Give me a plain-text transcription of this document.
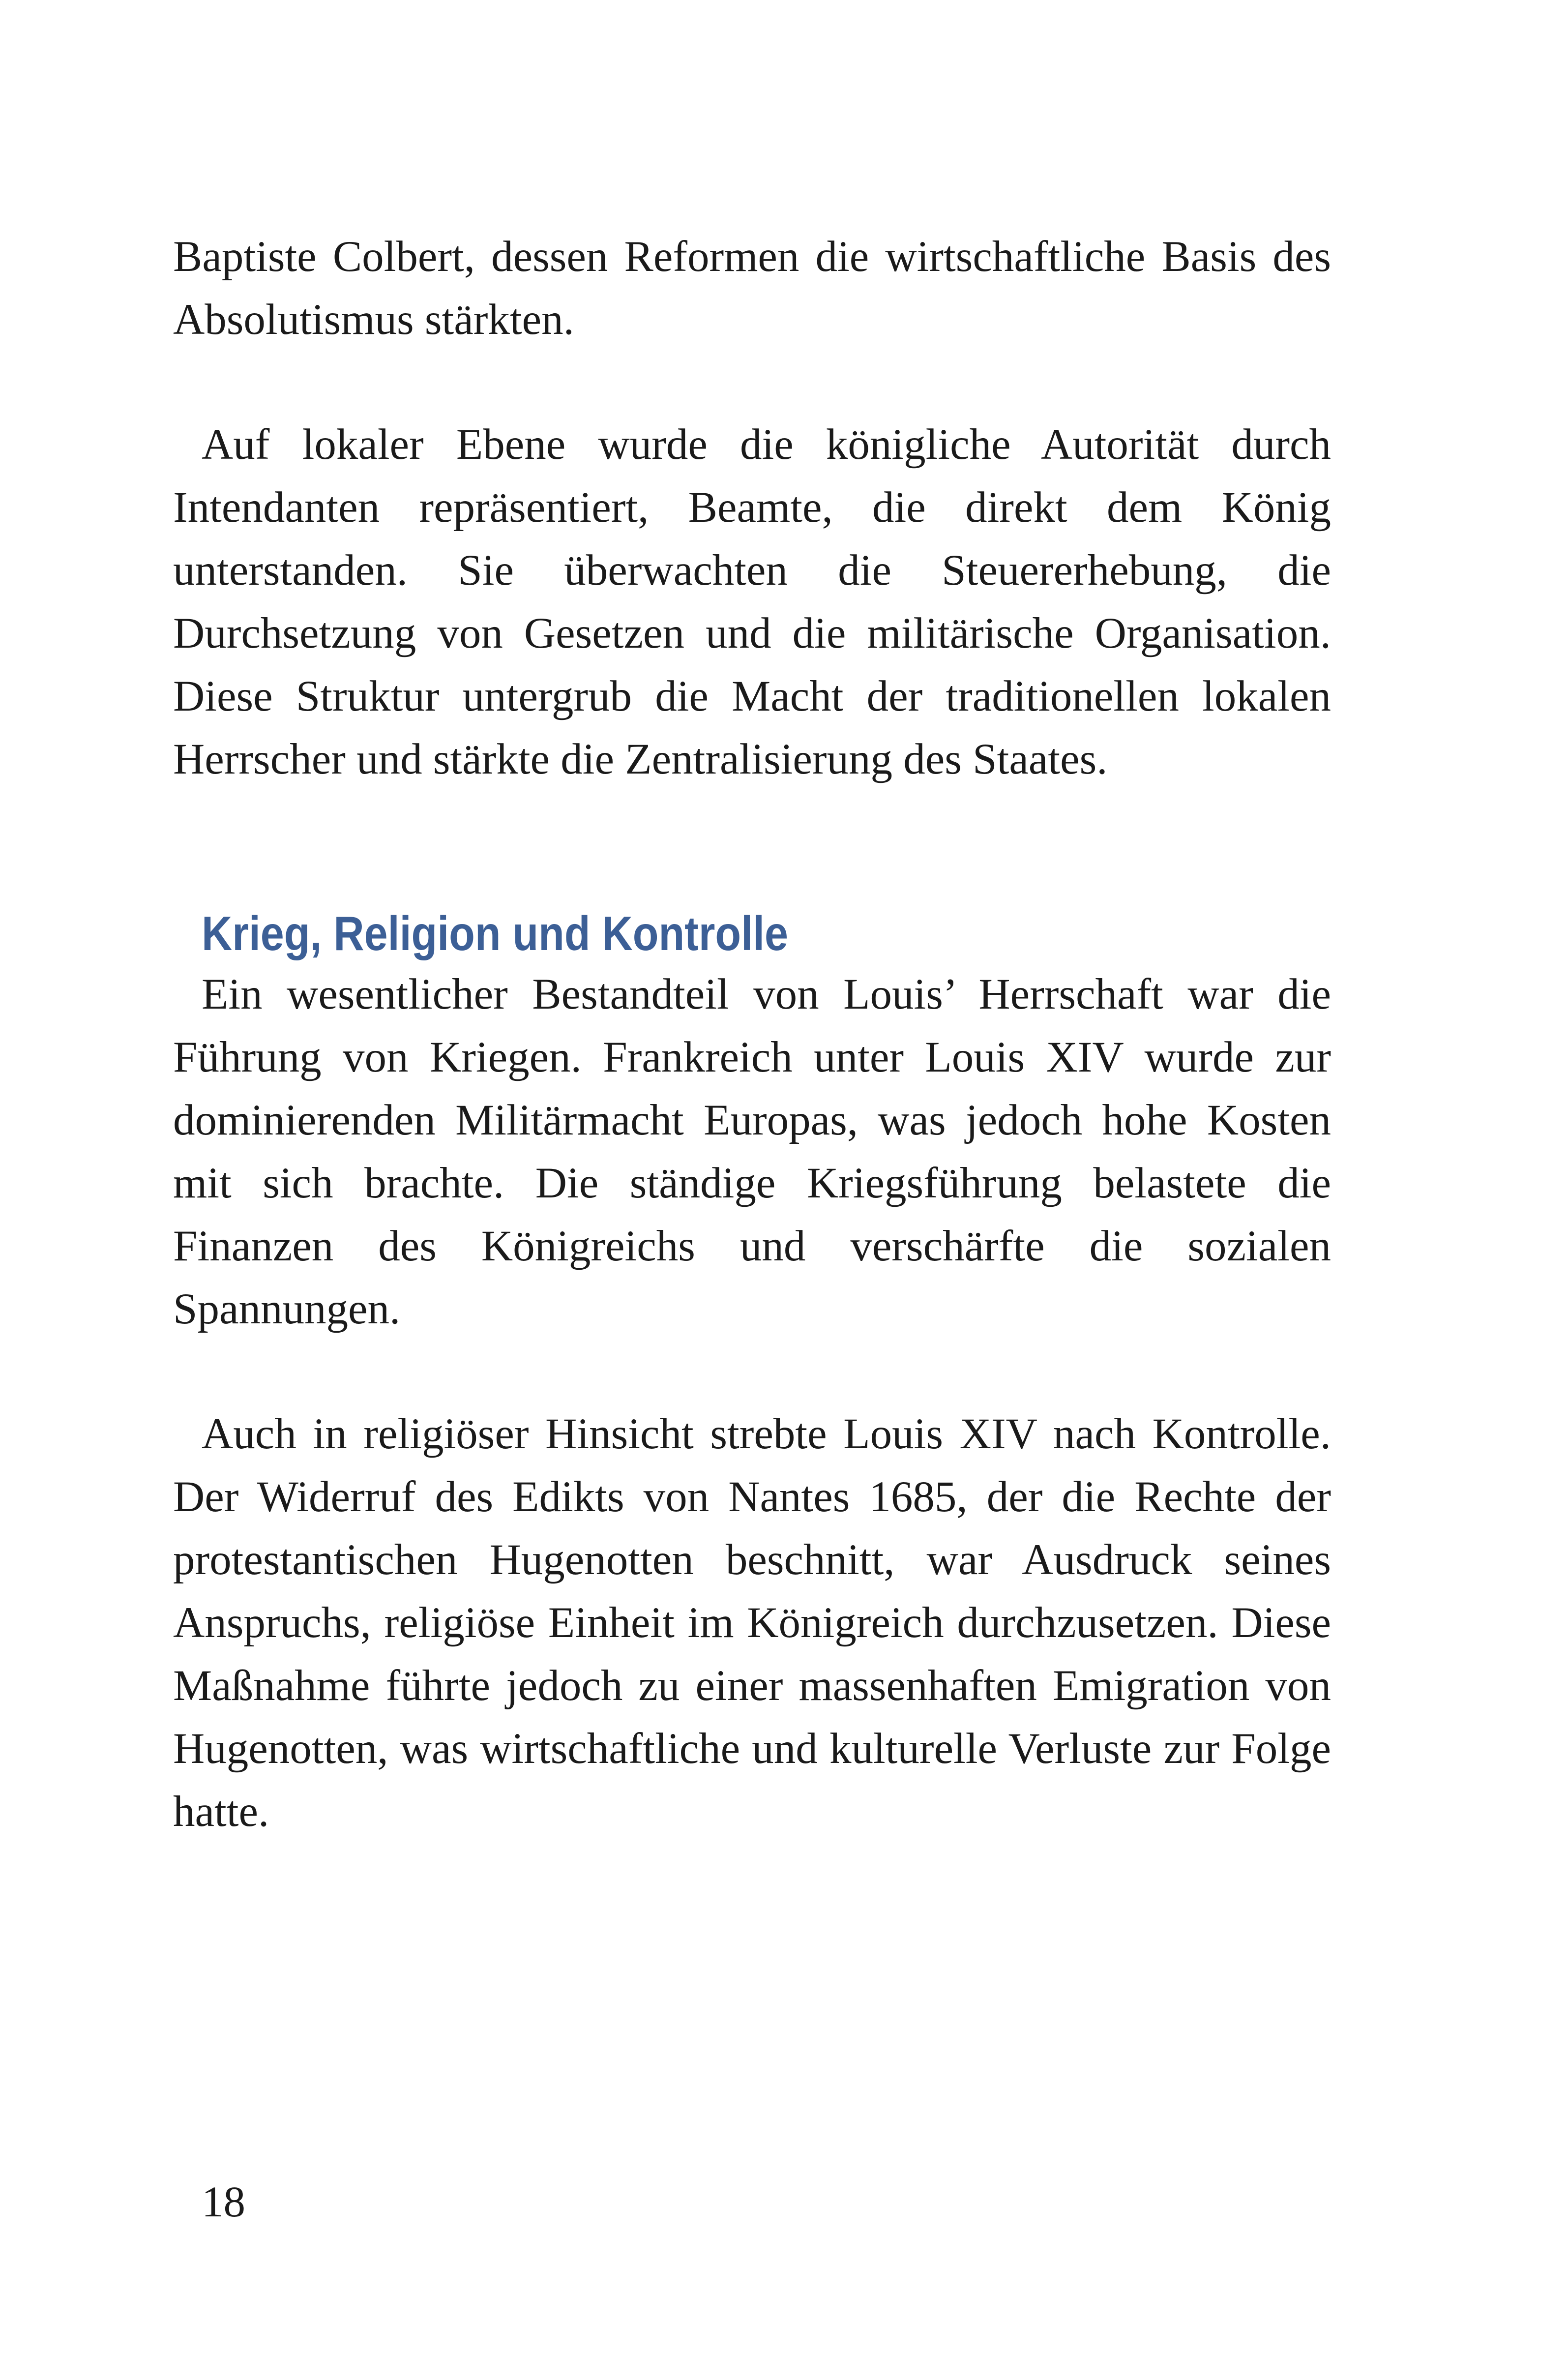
Baptiste Colbert, dessen Reformen die wirtschaftliche Basis des Absolutismus stärkten.

Auf lokaler Ebene wurde die königliche Autorität durch Intendanten repräsentiert, Beamte, die direkt dem König unterstanden. Sie überwachten die Steuererhebung, die Durchsetzung von Gesetzen und die militärische Organisation. Diese Struktur untergrub die Macht der traditionellen lokalen Herrscher und stärkte die Zentralisierung des Staates.

Krieg, Religion und Kontrolle

Ein wesentlicher Bestandteil von Louis’ Herrschaft war die Führung von Kriegen. Frankreich unter Louis XIV wurde zur dominierenden Militärmacht Europas, was jedoch hohe Kosten mit sich brachte. Die ständige Kriegsführung belastete die Finanzen des Königreichs und verschärfte die sozialen Spannungen.

Auch in religiöser Hinsicht strebte Louis XIV nach Kontrolle. Der Widerruf des Edikts von Nantes 1685, der die Rechte der protestantischen Hugenotten beschnitt, war Ausdruck seines Anspruchs, religiöse Einheit im Königreich durchzusetzen. Diese Maßnahme führte jedoch zu einer massenhaften Emigration von Hugenotten, was wirtschaftliche und kulturelle Verluste zur Folge hatte.

18
